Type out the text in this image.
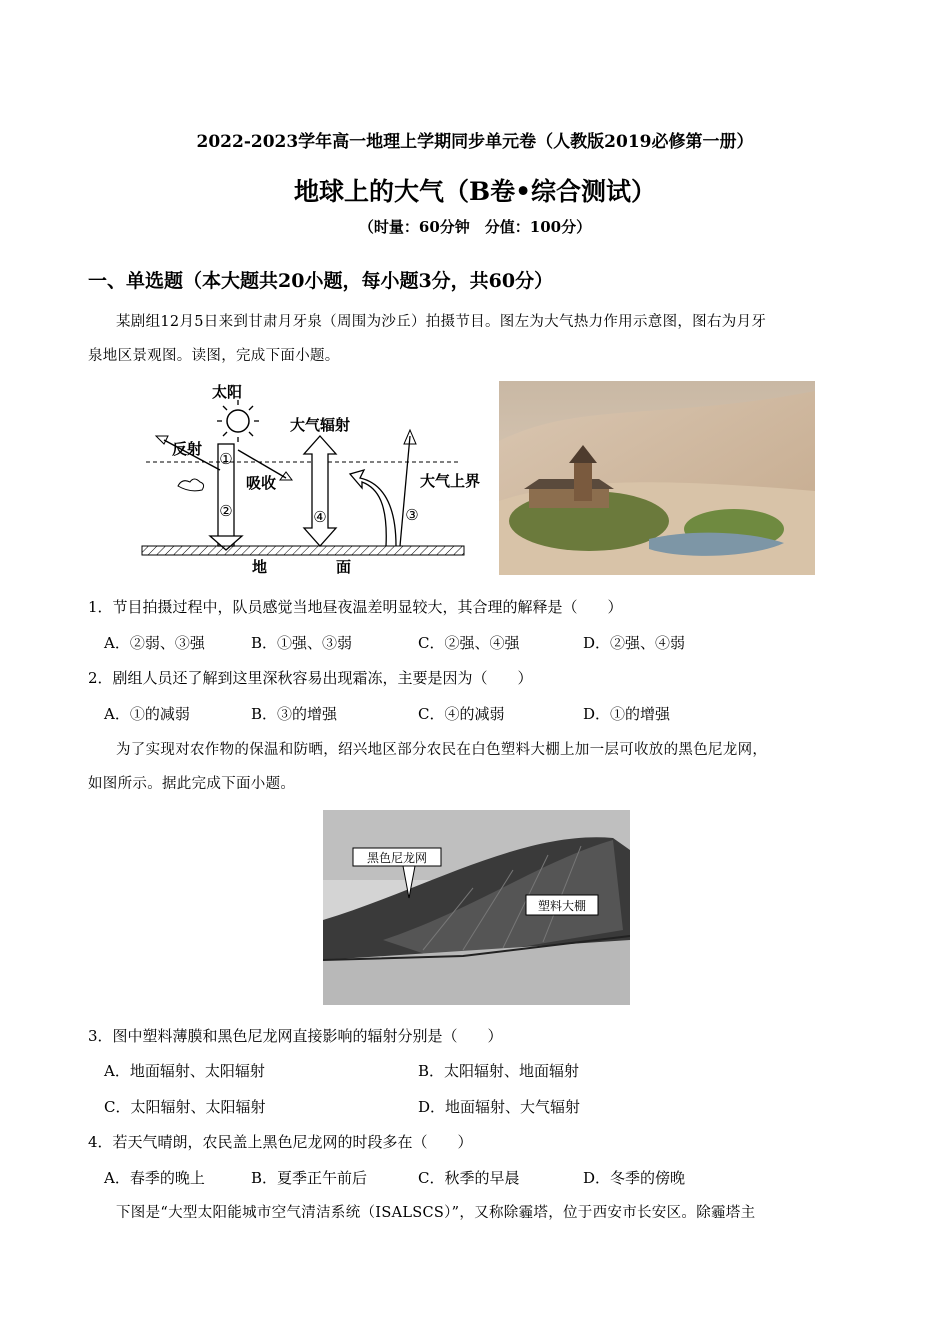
2022-2023学年高一地理上学期同步单元卷（人教版2019必修第一册）
地球上的大气（B卷•综合测试）
（时量：60分钟　分值：100分）
一、单选题（本大题共20小题，每小题3分，共60分）
某剧组12月5日来到甘肃月牙泉（周围为沙丘）拍摄节目。图左为大气热力作用示意图，图右为月牙
泉地区景观图。读图，完成下面小题。
太阳
反射
吸收
①
②
大气辐射
④	③
大气上界
地	面
1．节目拍摄过程中，队员感觉当地昼夜温差明显较大，其合理的解释是（　　）
A．②弱、③强	B．①强、③弱	C．②强、④强	D．②强、④弱
2．剧组人员还了解到这里深秋容易出现霜冻，主要是因为（　　）
A．①的减弱	B．③的增强	C．④的减弱	D．①的增强
为了实现对农作物的保温和防晒，绍兴地区部分农民在白色塑料大棚上加一层可收放的黑色尼龙网，
如图所示。据此完成下面小题。
黑色尼龙网
塑料大棚
3．图中塑料薄膜和黑色尼龙网直接影响的辐射分别是（　　）
A．地面辐射、太阳辐射	B．太阳辐射、地面辐射
C．太阳辐射、太阳辐射	D．地面辐射、大气辐射
4．若天气晴朗，农民盖上黑色尼龙网的时段多在（　　）
A．春季的晚上	B．夏季正午前后	C．秋季的早晨	D．冬季的傍晚
下图是“大型太阳能城市空气清洁系统（ISALSCS）”，又称除霾塔，位于西安市长安区。除霾塔主
